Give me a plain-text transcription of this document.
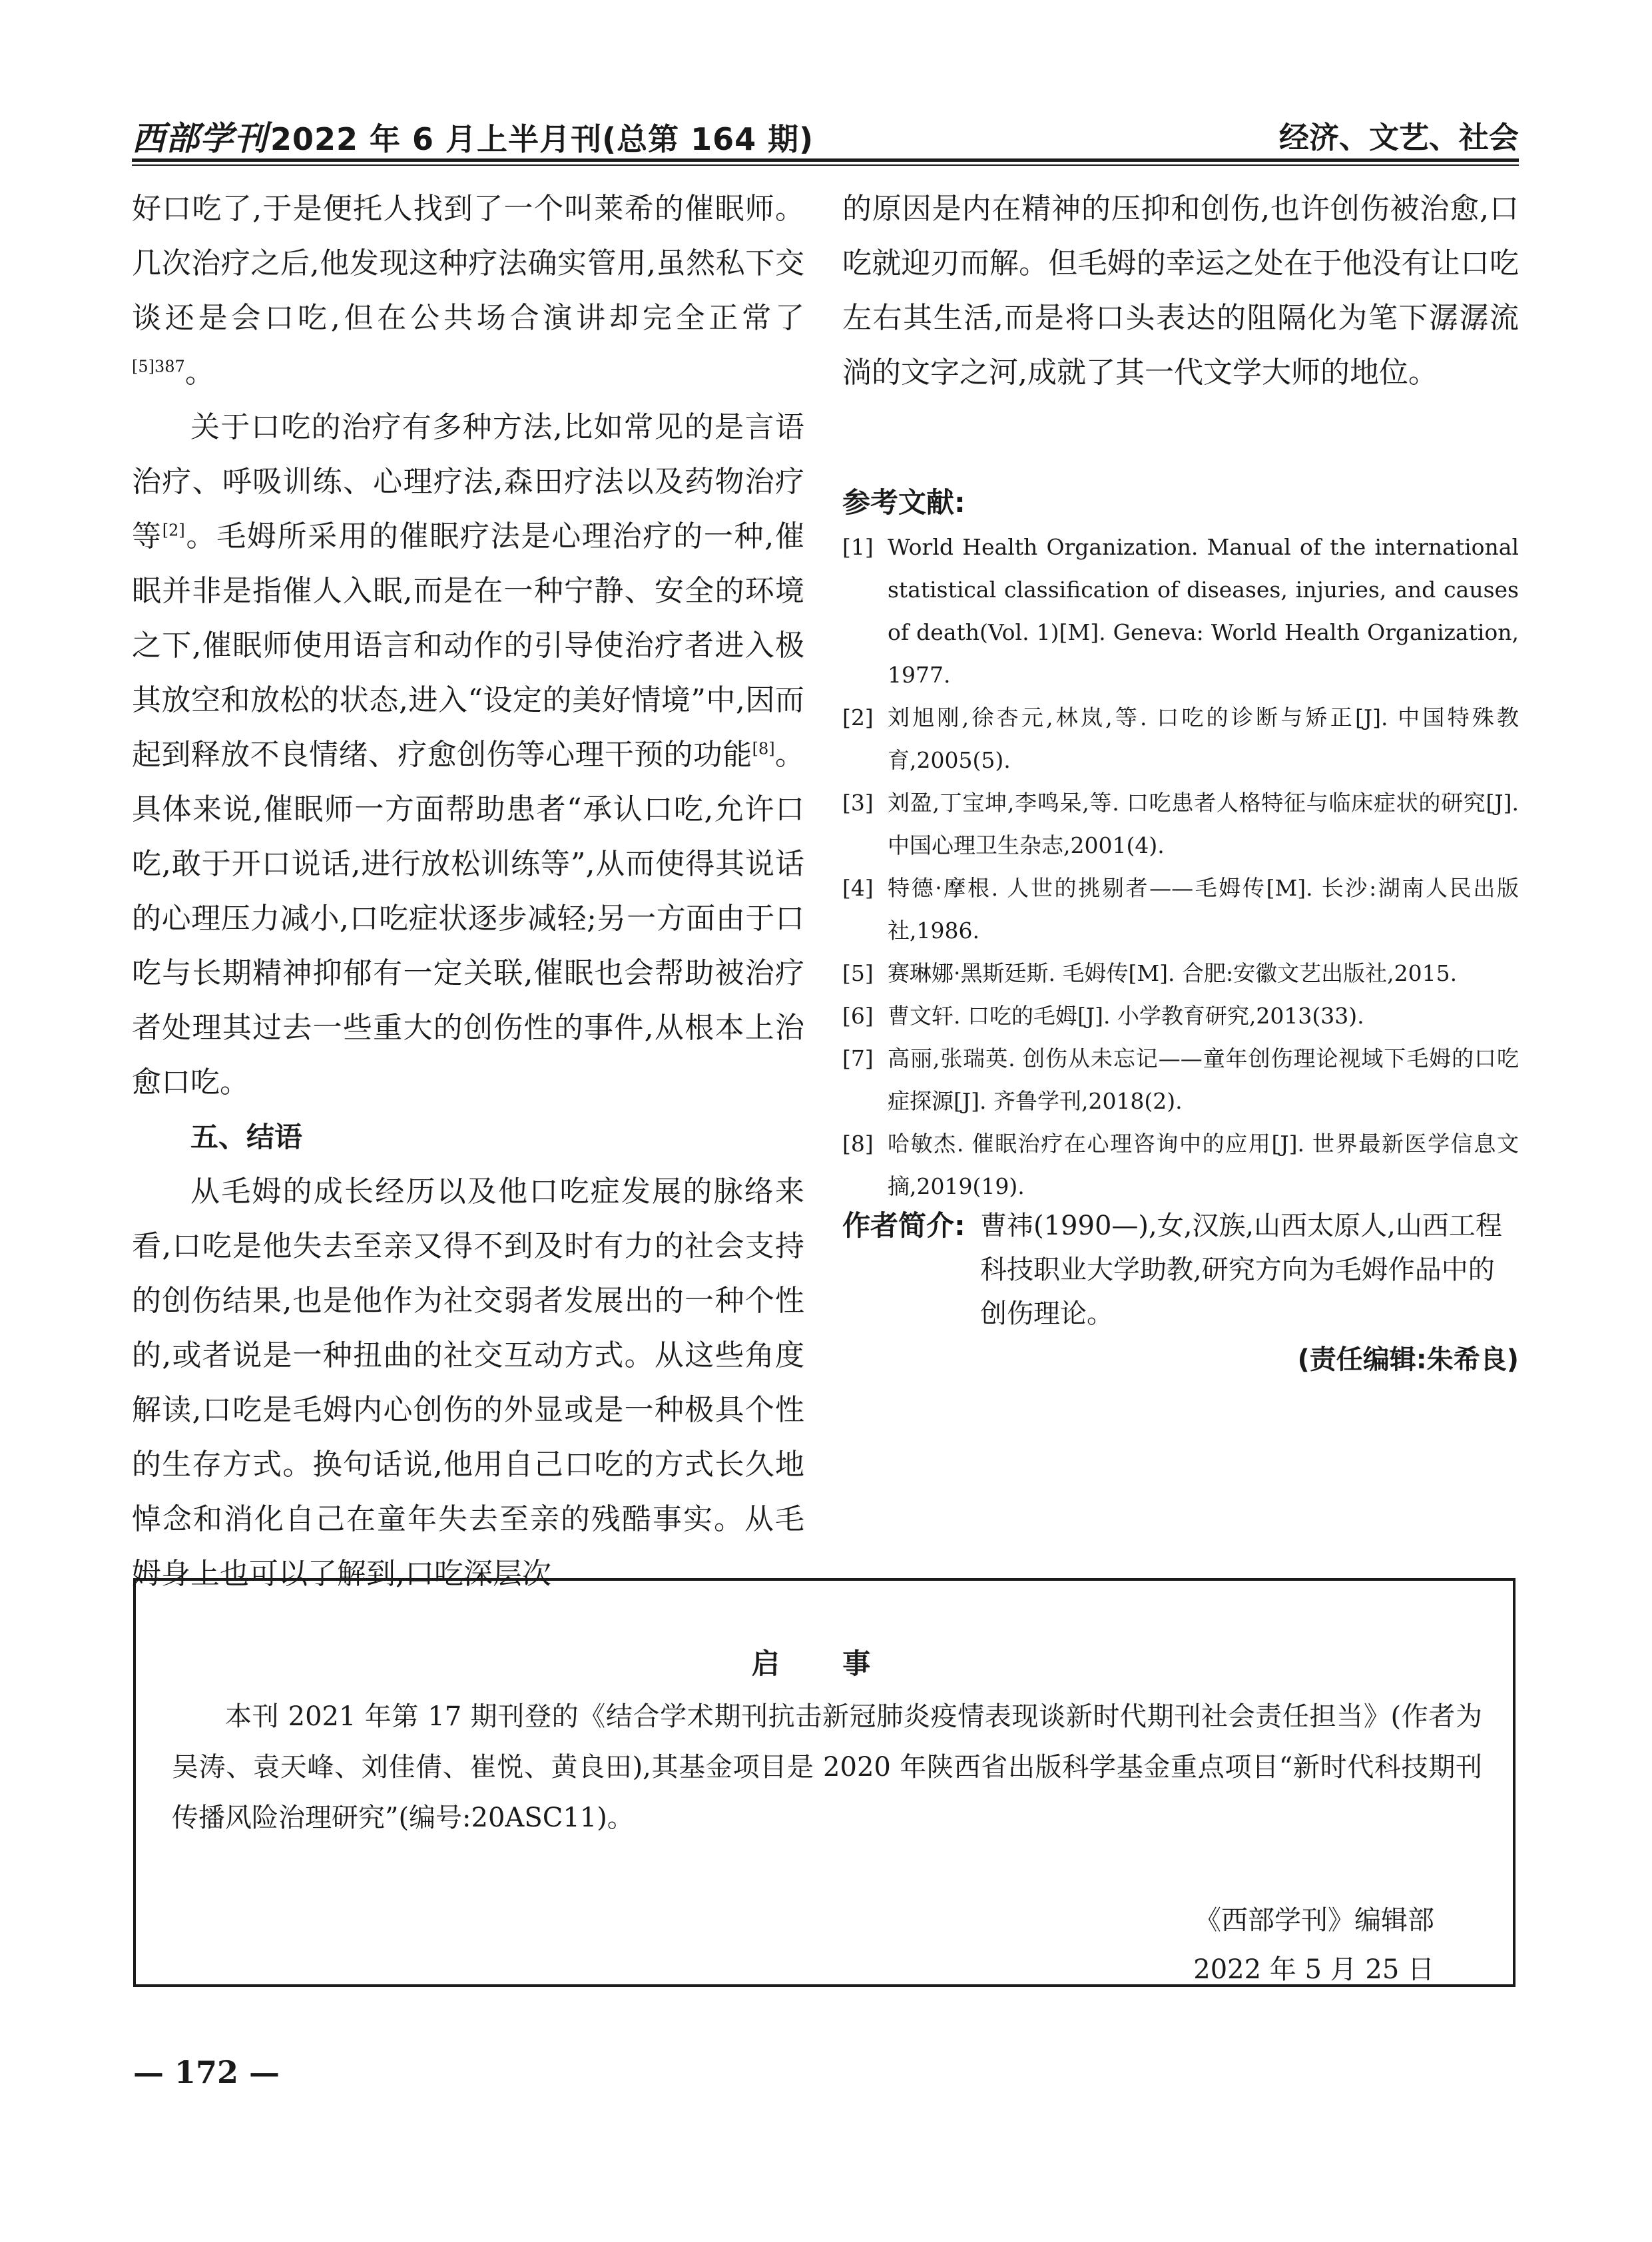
西部学刊2022 年 6 月上半月刊(总第 164 期)	经济、文艺、社会

好口吃了,于是便托人找到了一个叫莱希的催眠师。几次治疗之后,他发现这种疗法确实管用,虽然私下交谈还是会口吃,但在公共场合演讲却完全正常了$^{[5]387}$。

关于口吃的治疗有多种方法,比如常见的是言语治疗、呼吸训练、心理疗法,森田疗法以及药物治疗等[2]。毛姆所采用的催眠疗法是心理治疗的一种,催眠并非是指催人入眠,而是在一种宁静、安全的环境之下,催眠师使用语言和动作的引导使治疗者进入极其放空和放松的状态,进入“设定的美好情境”中,因而起到释放不良情绪、疗愈创伤等心理干预的功能[8]。具体来说,催眠师一方面帮助患者“承认口吃,允许口吃,敢于开口说话,进行放松训练等”,从而使得其说话的心理压力减小,口吃症状逐步减轻;另一方面由于口吃与长期精神抑郁有一定关联,催眠也会帮助被治疗者处理其过去一些重大的创伤性的事件,从根本上治愈口吃。

五、结语

从毛姆的成长经历以及他口吃症发展的脉络来看,口吃是他失去至亲又得不到及时有力的社会支持的创伤结果,也是他作为社交弱者发展出的一种个性的,或者说是一种扭曲的社交互动方式。从这些角度解读,口吃是毛姆内心创伤的外显或是一种极具个性的生存方式。换句话说,他用自己口吃的方式长久地悼念和消化自己在童年失去至亲的残酷事实。从毛姆身上也可以了解到,口吃深层次

的原因是内在精神的压抑和创伤,也许创伤被治愈,口吃就迎刃而解。但毛姆的幸运之处在于他没有让口吃左右其生活,而是将口头表达的阻隔化为笔下潺潺流淌的文字之河,成就了其一代文学大师的地位。

参考文献:
[1] World Health Organization. Manual of the international statistical classification of diseases, injuries, and causes of death(Vol. 1)[M]. Geneva: World Health Organization, 1977.
[2] 刘旭刚,徐杏元,林岚,等. 口吃的诊断与矫正[J]. 中国特殊教育,2005(5).
[3] 刘盈,丁宝坤,李鸣呆,等. 口吃患者人格特征与临床症状的研究[J]. 中国心理卫生杂志,2001(4).
[4] 特德·摩根. 人世的挑剔者——毛姆传[M]. 长沙:湖南人民出版社,1986.
[5] 赛琳娜·黑斯廷斯. 毛姆传[M]. 合肥:安徽文艺出版社,2015.
[6] 曹文轩. 口吃的毛姆[J]. 小学教育研究,2013(33).
[7] 高丽,张瑞英. 创伤从未忘记——童年创伤理论视域下毛姆的口吃症探源[J]. 齐鲁学刊,2018(2).
[8] 哈敏杰. 催眠治疗在心理咨询中的应用[J]. 世界最新医学信息文摘,2019(19).
作者简介: 曹祎(1990—),女,汉族,山西太原人,山西工程科技职业大学助教,研究方向为毛姆作品中的创伤理论。
(责任编辑:朱希良)
启 事
本刊 2021 年第 17 期刊登的《结合学术期刊抗击新冠肺炎疫情表现谈新时代期刊社会责任担当》(作者为吴涛、袁天峰、刘佳倩、崔悦、黄良田),其基金项目是 2020 年陕西省出版科学基金重点项目“新时代科技期刊传播风险治理研究”(编号:20ASC11)。
《西部学刊》编辑部
2022 年 5 月 25 日
— 172 —
